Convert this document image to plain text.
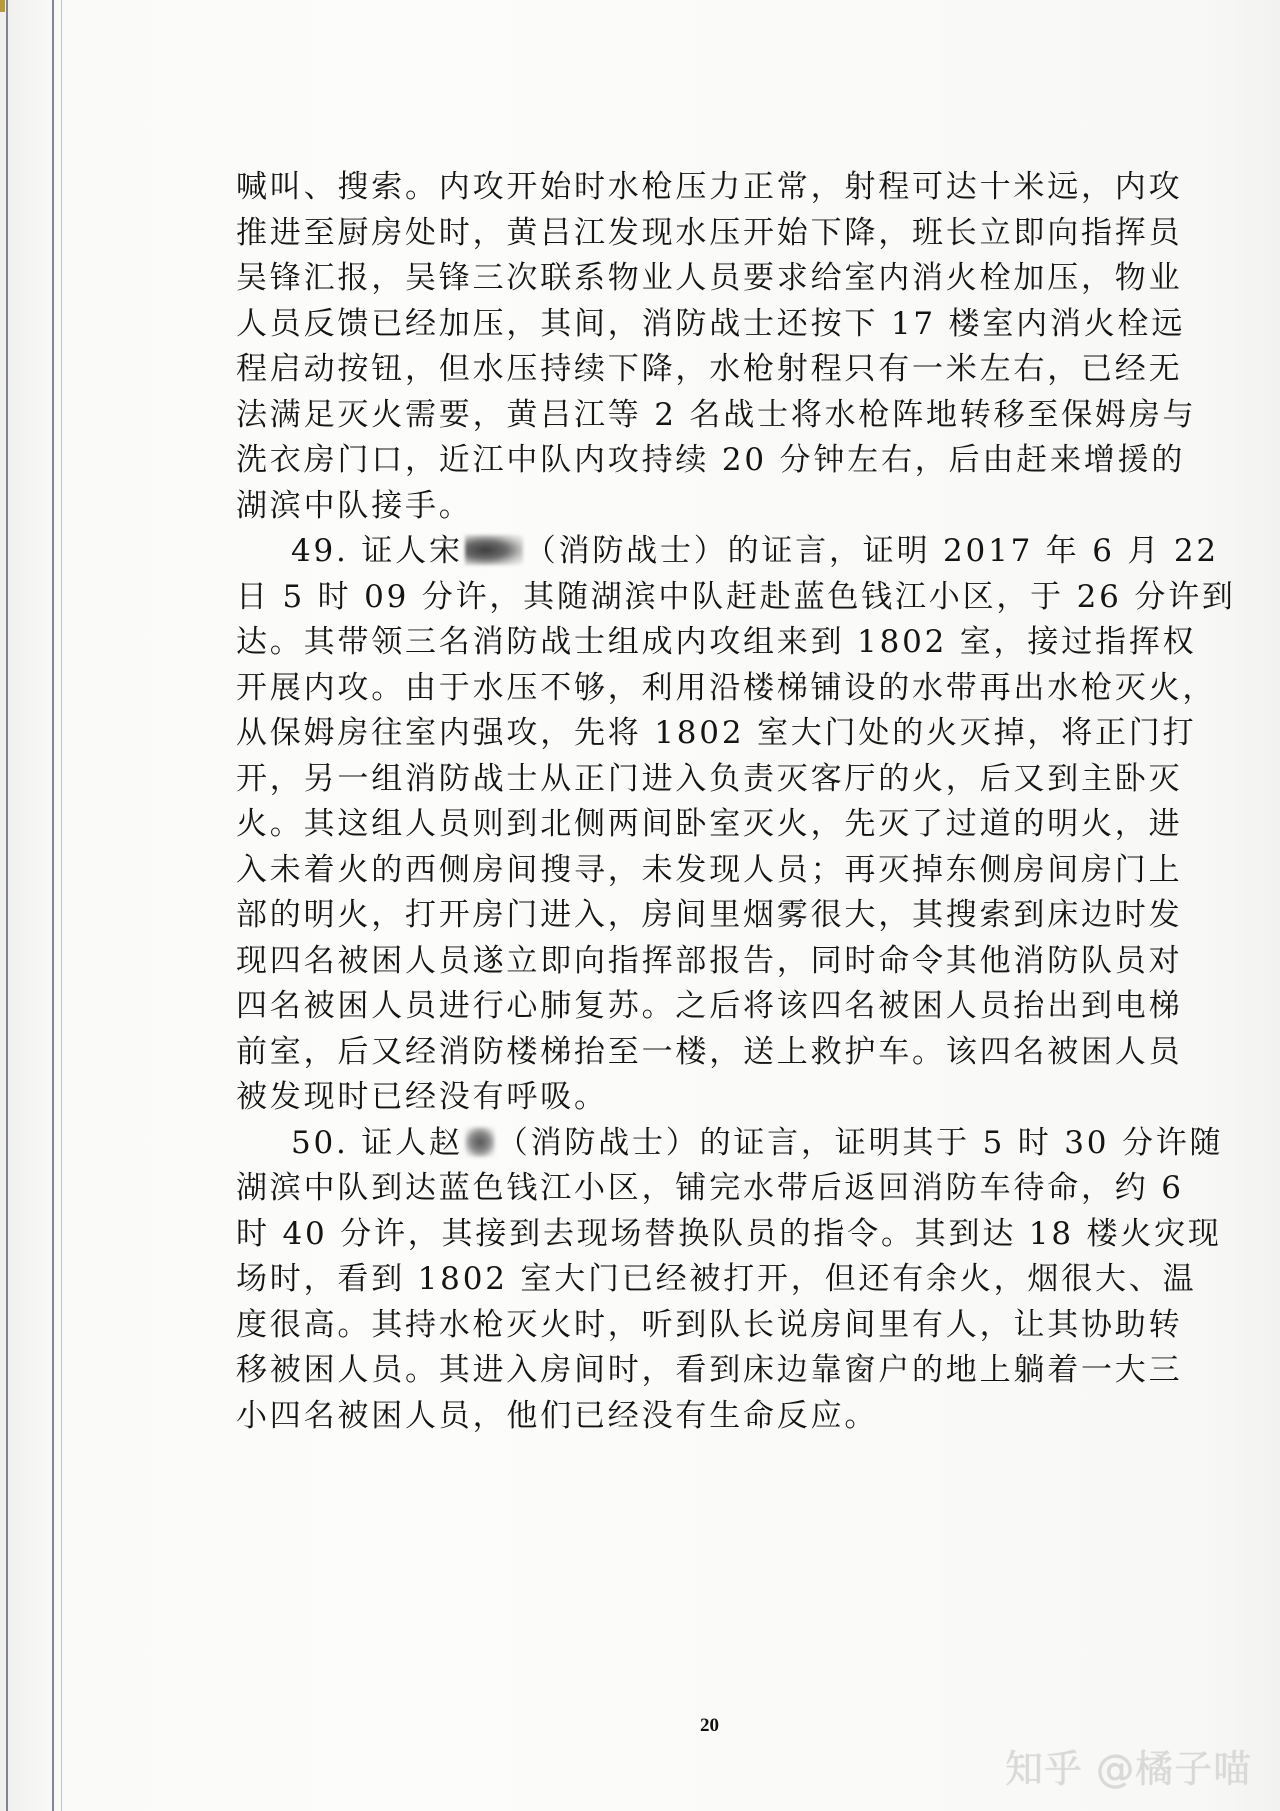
喊叫、搜索。内攻开始时水枪压力正常，射程可达十米远，内攻
推进至厨房处时，黄吕江发现水压开始下降，班长立即向指挥员
吴锋汇报，吴锋三次联系物业人员要求给室内消火栓加压，物业
人员反馈已经加压，其间，消防战士还按下 17 楼室内消火栓远
程启动按钮，但水压持续下降，水枪射程只有一米左右，已经无
法满足灭火需要，黄吕江等 2 名战士将水枪阵地转移至保姆房与
洗衣房门口，近江中队内攻持续 20 分钟左右，后由赶来增援的
湖滨中队接手。
49. 证人宋 （消防战士）的证言，证明 2017 年 6 月 22
日 5 时 09 分许，其随湖滨中队赶赴蓝色钱江小区，于 26 分许到
达。其带领三名消防战士组成内攻组来到 1802 室，接过指挥权
开展内攻。由于水压不够，利用沿楼梯铺设的水带再出水枪灭火，
从保姆房往室内强攻，先将 1802 室大门处的火灭掉，将正门打
开，另一组消防战士从正门进入负责灭客厅的火，后又到主卧灭
火。其这组人员则到北侧两间卧室灭火，先灭了过道的明火，进
入未着火的西侧房间搜寻，未发现人员；再灭掉东侧房间房门上
部的明火，打开房门进入，房间里烟雾很大，其搜索到床边时发
现四名被困人员遂立即向指挥部报告，同时命令其他消防队员对
四名被困人员进行心肺复苏。之后将该四名被困人员抬出到电梯
前室，后又经消防楼梯抬至一楼，送上救护车。该四名被困人员
被发现时已经没有呼吸。
50. 证人赵 （消防战士）的证言，证明其于 5 时 30 分许随
湖滨中队到达蓝色钱江小区，铺完水带后返回消防车待命，约 6
时 40 分许，其接到去现场替换队员的指令。其到达 18 楼火灾现
场时，看到 1802 室大门已经被打开，但还有余火，烟很大、温
度很高。其持水枪灭火时，听到队长说房间里有人，让其协助转
移被困人员。其进入房间时，看到床边靠窗户的地上躺着一大三
小四名被困人员，他们已经没有生命反应。
20
知乎 @橘子喵
